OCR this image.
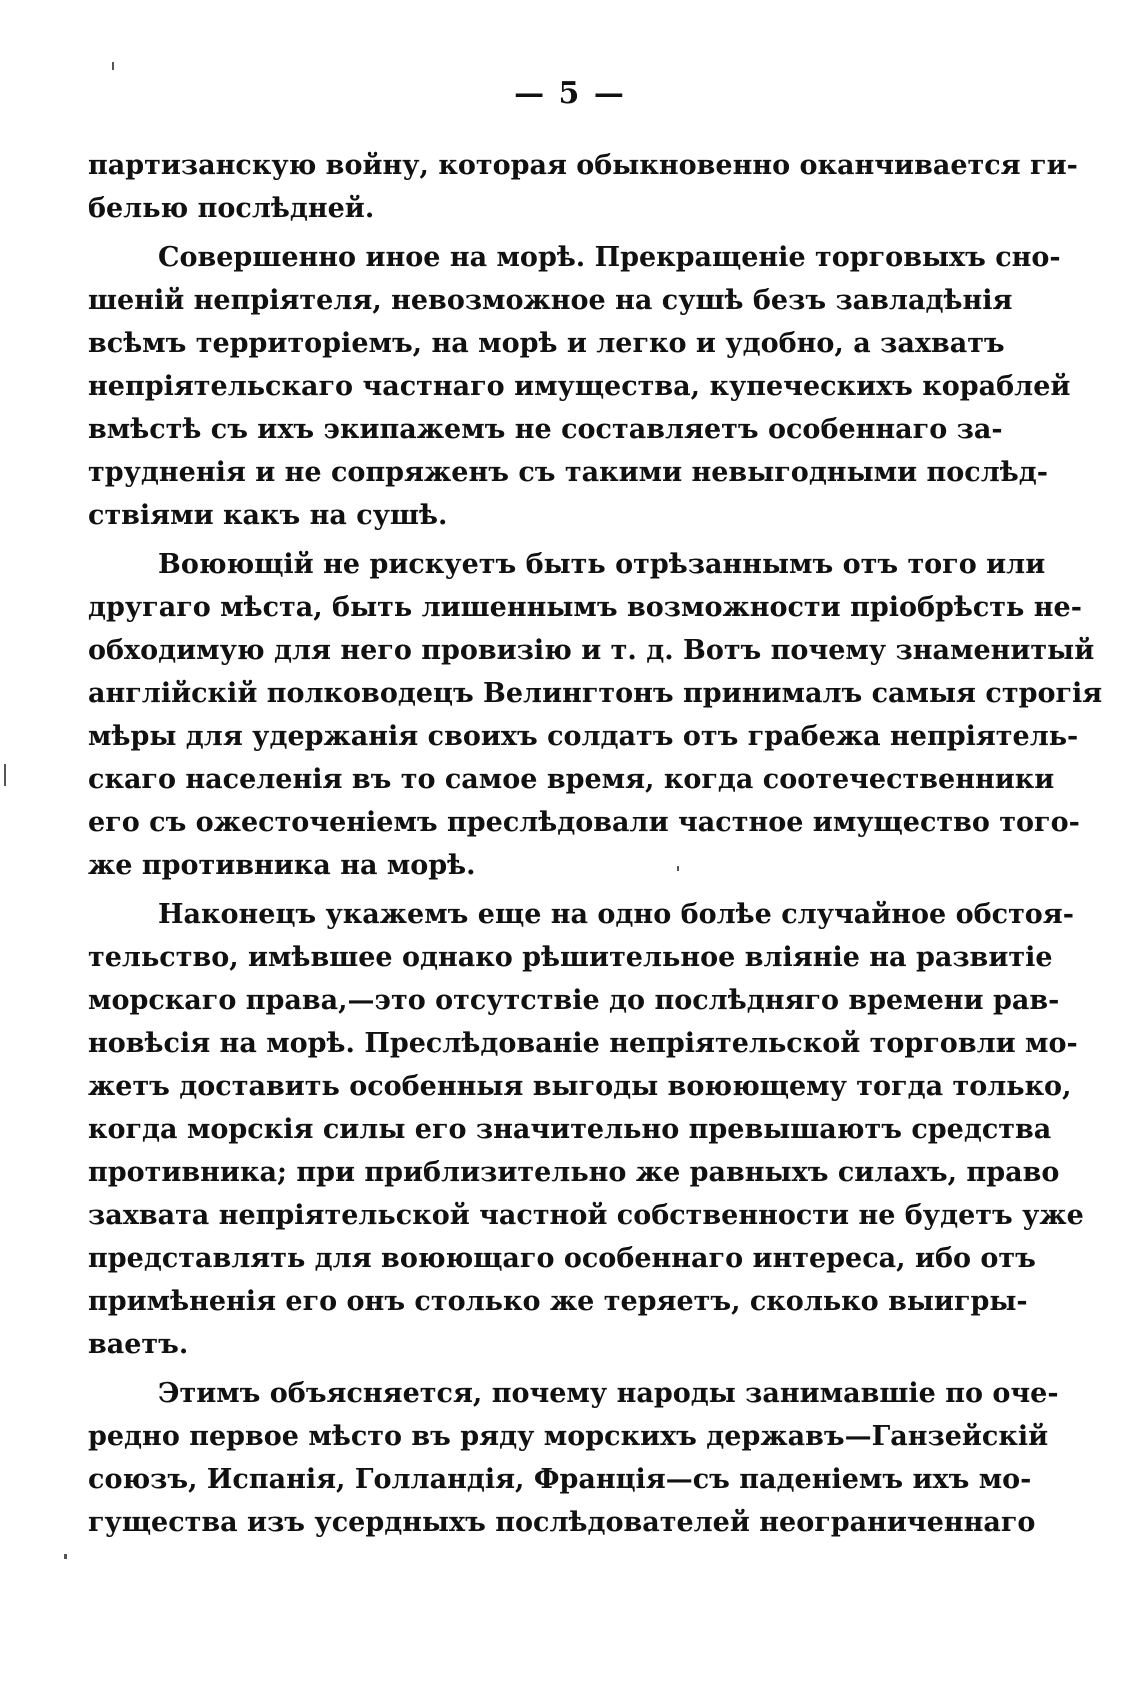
— 5 —
партизанскую войну, которая обыкновенно оканчивается ги-
белью послѣдней.
Совершенно иное на морѣ. Прекращеніе торговыхъ сно-
шеній непріятеля, невозможное на сушѣ безъ завладѣнія
всѣмъ территоріемъ, на морѣ и легко и удобно, а захватъ
непріятельскаго частнаго имущества, купеческихъ кораблей
вмѣстѣ съ ихъ экипажемъ не составляетъ особеннаго за-
трудненія и не сопряженъ съ такими невыгодными послѣд-
ствіями какъ на сушѣ.
Воюющій не рискуетъ быть отрѣзаннымъ отъ того или
другаго мѣста, быть лишеннымъ возможности пріобрѣсть не-
обходимую для него провизію и т. д. Вотъ почему знаменитый
англійскій полководецъ Велингтонъ принималъ самыя строгія
мѣры для удержанія своихъ солдатъ отъ грабежа непріятель-
скаго населенія въ то самое время, когда соотечественники
его съ ожесточеніемъ преслѣдовали частное имущество того-
же противника на морѣ.
Наконецъ укажемъ еще на одно болѣе случайное обстоя-
тельство, имѣвшее однако рѣшительное вліяніе на развитіе
морскаго права,—это отсутствіе до послѣдняго времени рав-
новѣсія на морѣ. Преслѣдованіе непріятельской торговли мо-
жетъ доставить особенныя выгоды воюющему тогда только,
когда морскія силы его значительно превышаютъ средства
противника; при приблизительно же равныхъ силахъ, право
захвата непріятельской частной собственности не будетъ уже
представлять для воюющаго особеннаго интереса, ибо отъ
примѣненія его онъ столько же теряетъ, сколько выигры-
ваетъ.
Этимъ объясняется, почему народы занимавшіе по оче-
редно первое мѣсто въ ряду морскихъ державъ—Ганзейскій
союзъ, Испанія, Голландія, Франція—съ паденіемъ ихъ мо-
гущества изъ усердныхъ послѣдователей неограниченнаго
